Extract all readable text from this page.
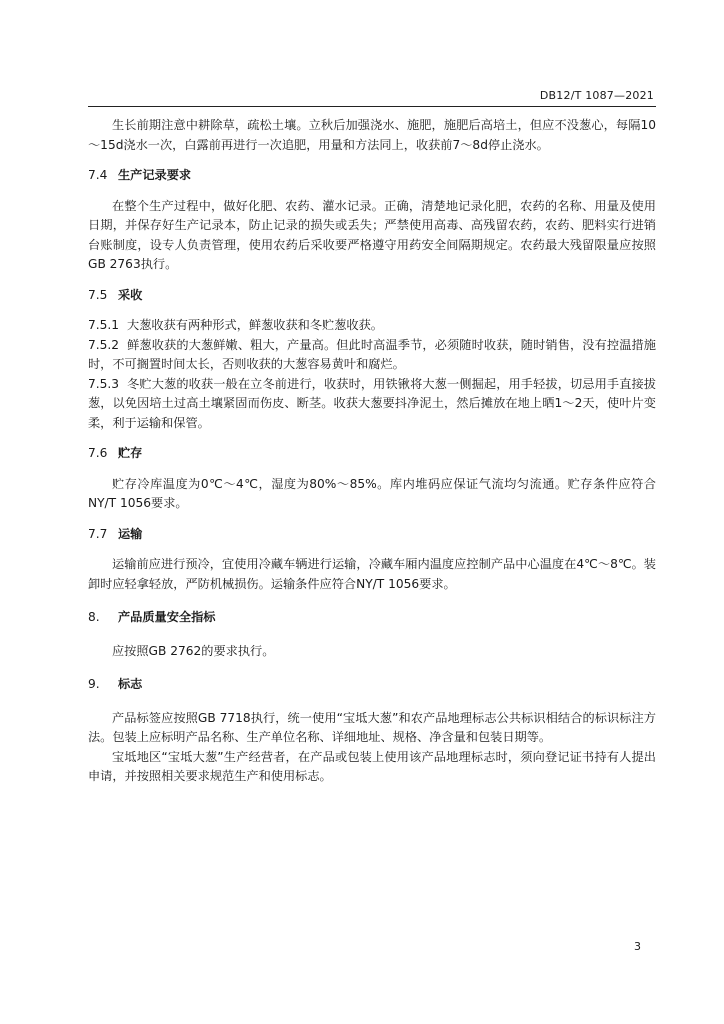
DB12/T 1087—2021

生长前期注意中耕除草，疏松土壤。立秋后加强浇水、施肥，施肥后高培土，但应不没葱心，每隔10～15d浇水一次，白露前再进行一次追肥，用量和方法同上，收获前7～8d停止浇水。

7.4 生产记录要求

在整个生产过程中，做好化肥、农药、灌水记录。正确，清楚地记录化肥，农药的名称、用量及使用日期，并保存好生产记录本，防止记录的损失或丢失；严禁使用高毒、高残留农药，农药、肥料实行进销台账制度，设专人负责管理，使用农药后采收要严格遵守用药安全间隔期规定。农药最大残留限量应按照GB 2763执行。

7.5 采收

7.5.1 大葱收获有两种形式，鲜葱收获和冬贮葱收获。

7.5.2 鲜葱收获的大葱鲜嫩、粗大，产量高。但此时高温季节，必须随时收获，随时销售，没有控温措施时，不可搁置时间太长，否则收获的大葱容易黄叶和腐烂。

7.5.3 冬贮大葱的收获一般在立冬前进行，收获时，用铁锹将大葱一侧掘起，用手轻拔，切忌用手直接拔葱，以免因培土过高土壤紧固而伤皮、断茎。收获大葱要抖净泥土，然后摊放在地上晒1～2天，使叶片变柔，利于运输和保管。

7.6 贮存

贮存冷库温度为0℃～4℃，湿度为80%～85%。库内堆码应保证气流均匀流通。贮存条件应符合NY/T 1056要求。

7.7 运输

运输前应进行预冷，宜使用冷藏车辆进行运输，冷藏车厢内温度应控制产品中心温度在4℃～8℃。装卸时应轻拿轻放，严防机械损伤。运输条件应符合NY/T 1056要求。

8. 产品质量安全指标

应按照GB 2762的要求执行。

9. 标志

产品标签应按照GB 7718执行，统一使用“宝坻大葱”和农产品地理标志公共标识相结合的标识标注方法。包装上应标明产品名称、生产单位名称、详细地址、规格、净含量和包装日期等。

宝坻地区“宝坻大葱”生产经营者，在产品或包装上使用该产品地理标志时，须向登记证书持有人提出申请，并按照相关要求规范生产和使用标志。

3
